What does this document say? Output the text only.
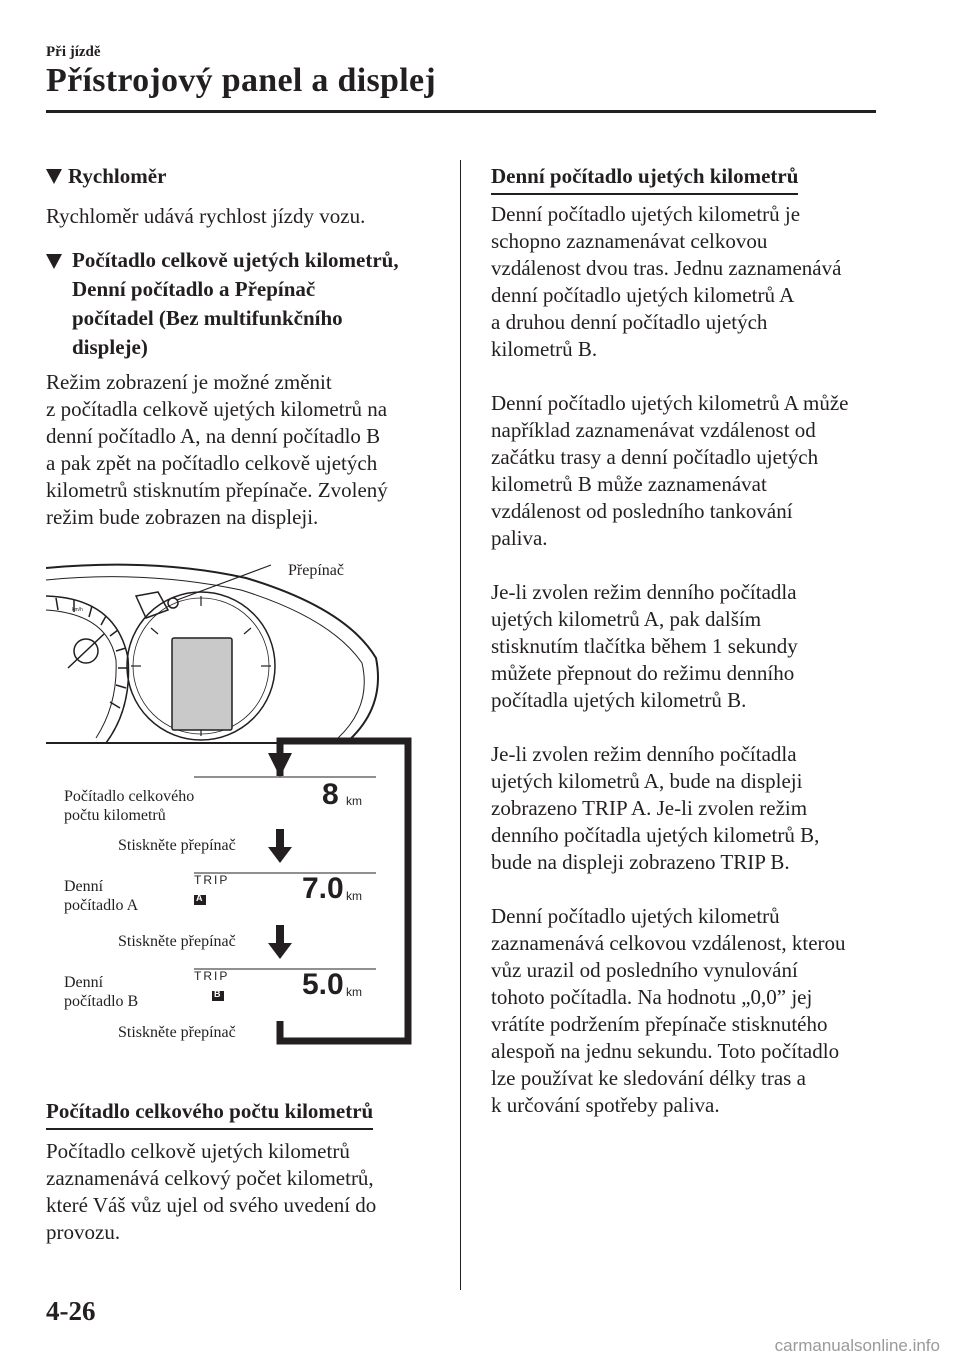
Při jízdě
Přístrojový panel a displej
Rychloměr
Rychloměr udává rychlost jízdy vozu.
Počítadlo celkově ujetých kilometrů,
Denní počítadlo a Přepínač
počítadel (Bez multifunkčního
displeje)
Režim zobrazení je možné změnit
z počítadla celkově ujetých kilometrů na
denní počítadlo A, na denní počítadlo B
a pak zpět na počítadlo celkově ujetých
kilometrů stisknutím přepínače. Zvolený
režim bude zobrazen na displeji.
km/h
Přepínač
Počítadlo celkového
počtu kilometrů
Stiskněte přepínač
Denní
počítadlo A
Stiskněte přepínač
Denní
počítadlo B
Stiskněte přepínač
8 km
TRIP
A	7.0 km
TRIP
B	5.0 km
Počítadlo celkového počtu kilometrů
Počítadlo celkově ujetých kilometrů
zaznamenává celkový počet kilometrů,
které Váš vůz ujel od svého uvedení do
provozu.
Denní počítadlo ujetých kilometrů
Denní počítadlo ujetých kilometrů je
schopno zaznamenávat celkovou
vzdálenost dvou tras. Jednu zaznamenává
denní počítadlo ujetých kilometrů A
a druhou denní počítadlo ujetých
kilometrů B.
Denní počítadlo ujetých kilometrů A může
například zaznamenávat vzdálenost od
začátku trasy a denní počítadlo ujetých
kilometrů B může zaznamenávat
vzdálenost od posledního tankování
paliva.
Je-li zvolen režim denního počítadla
ujetých kilometrů A, pak dalším
stisknutím tlačítka během 1 sekundy
můžete přepnout do režimu denního
počítadla ujetých kilometrů B.
Je-li zvolen režim denního počítadla
ujetých kilometrů A, bude na displeji
zobrazeno TRIP A. Je-li zvolen režim
denního počítadla ujetých kilometrů B,
bude na displeji zobrazeno TRIP B.
Denní počítadlo ujetých kilometrů
zaznamenává celkovou vzdálenost, kterou
vůz urazil od posledního vynulování
tohoto počítadla. Na hodnotu „0,0” jej
vrátíte podržením přepínače stisknutého
alespoň na jednu sekundu. Toto počítadlo
lze používat ke sledování délky tras a
k určování spotřeby paliva.
4-26
carmanualsonline.info
